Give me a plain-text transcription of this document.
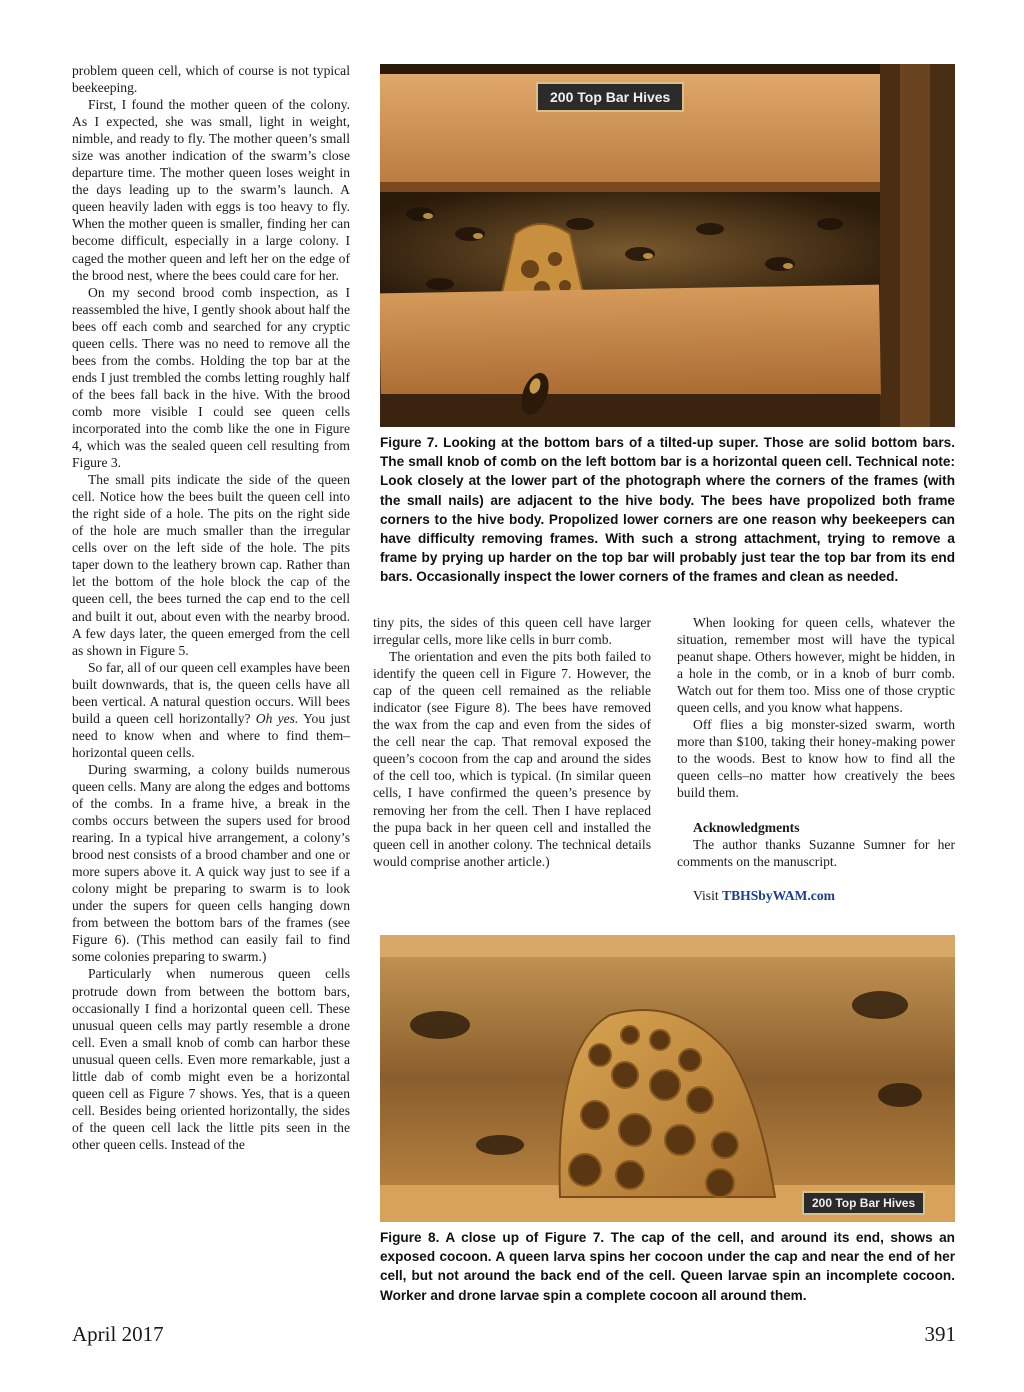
problem queen cell, which of course is not typical beekeeping.

First, I found the mother queen of the colony. As I expected, she was small, light in weight, nimble, and ready to fly. The mother queen’s small size was another indication of the swarm’s close departure time. The mother queen loses weight in the days leading up to the swarm’s launch. A queen heavily laden with eggs is too heavy to fly. When the mother queen is smaller, finding her can become difficult, especially in a large colony. I caged the mother queen and left her on the edge of the brood nest, where the bees could care for her.

On my second brood comb inspection, as I reassembled the hive, I gently shook about half the bees off each comb and searched for any cryptic queen cells. There was no need to remove all the bees from the combs. Holding the top bar at the ends I just trembled the combs letting roughly half of the bees fall back in the hive. With the brood comb more visible I could see queen cells incorporated into the comb like the one in Figure 4, which was the sealed queen cell resulting from Figure 3.

The small pits indicate the side of the queen cell. Notice how the bees built the queen cell into the right side of a hole. The pits on the right side of the hole are much smaller than the irregular cells over on the left side of the hole. The pits taper down to the leathery brown cap. Rather than let the bottom of the hole block the cap of the queen cell, the bees turned the cap end to the cell and built it out, about even with the nearby brood. A few days later, the queen emerged from the cell as shown in Figure 5.

So far, all of our queen cell examples have been built downwards, that is, the queen cells have all been vertical. A natural question occurs. Will bees build a queen cell horizontally? Oh yes. You just need to know when and where to find them–horizontal queen cells.

During swarming, a colony builds numerous queen cells. Many are along the edges and bottoms of the combs. In a frame hive, a break in the combs occurs between the supers used for brood rearing. In a typical hive arrangement, a colony’s brood nest consists of a brood chamber and one or more supers above it. A quick way just to see if a colony might be preparing to swarm is to look under the supers for queen cells hanging down from between the bottom bars of the frames (see Figure 6). (This method can easily fail to find some colonies preparing to swarm.)

Particularly when numerous queen cells protrude down from between the bottom bars, occasionally I find a horizontal queen cell. These unusual queen cells may partly resemble a drone cell. Even a small knob of comb can harbor these unusual queen cells. Even more remarkable, just a little dab of comb might even be a horizontal queen cell as Figure 7 shows. Yes, that is a queen cell. Besides being oriented horizontally, the sides of the queen cell lack the little pits seen in the other queen cells. Instead of the

200 Top Bar Hives
Figure 7. Looking at the bottom bars of a tilted-up super. Those are solid bottom bars. The small knob of comb on the left bottom bar is a horizontal queen cell. Technical note: Look closely at the lower part of the photograph where the corners of the frames (with the small nails) are adjacent to the hive body. The bees have propolized both frame corners to the hive body. Propolized lower corners are one reason why beekeepers can have difficulty removing frames. With such a strong attachment, trying to remove a frame by prying up harder on the top bar will probably just tear the top bar from its end bars. Occasionally inspect the lower corners of the frames and clean as needed.

tiny pits, the sides of this queen cell have larger irregular cells, more like cells in burr comb.

The orientation and even the pits both failed to identify the queen cell in Figure 7. However, the cap of the queen cell remained as the reliable indicator (see Figure 8). The bees have removed the wax from the cap and even from the sides of the cell near the cap. That removal exposed the queen’s cocoon from the cap and around the sides of the cell too, which is typical. (In similar queen cells, I have confirmed the queen’s presence by removing her from the cell. Then I have replaced the pupa back in her queen cell and installed the queen cell in another colony. The technical details would comprise another article.)

When looking for queen cells, whatever the situation, remember most will have the typical peanut shape. Others however, might be hidden, in a hole in the comb, or in a knob of burr comb. Watch out for them too. Miss one of those cryptic queen cells, and you know what happens.

Off flies a big monster-sized swarm, worth more than $100, taking their honey-making power to the woods. Best to know how to find all the queen cells–no matter how creatively the bees build them.

Acknowledgments

The author thanks Suzanne Sumner for her comments on the manuscript.

Visit TBHSbyWAM.com

200 Top Bar Hives
Figure 8. A close up of Figure 7. The cap of the cell, and around its end, shows an exposed cocoon. A queen larva spins her cocoon under the cap and near the end of her cell, but not around the back end of the cell. Queen larvae spin an incomplete cocoon. Worker and drone larvae spin a complete cocoon all around them.
April 2017	391
